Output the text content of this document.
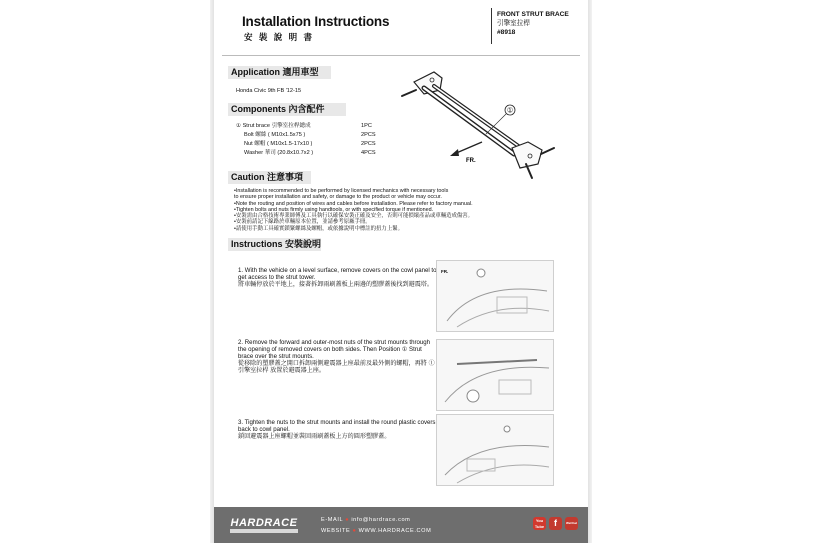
Installation Instructions
安 裝 說 明 書
FRONT STRUT BRACE
引擎室拉桿
#8918
Application 適用車型
Honda Civic 9th FB '12-15
Components 內含配件
① Strut brace 引擎室拉桿總成	1PC
Bolt 螺絲 ( M10x1.5x75 )	2PCS
Nut 螺帽 ( M10x1.5-17x10 )	2PCS
Washer 華司 (20.8x10.7x2 )	4PCS
①
FR.
Caution 注意事項
•Installation is recommended to be performed by licensed mechanics with necessary tools
to ensure proper installation and safety, or damage to the product or vehicle may occur.
•Note the routing and position of wires and cables before installation. Please refer to factory manual.
•Tighten bolts and nuts firmly using handtools, or with specified torque if mentioned.
•安裝需由合格技術專業師傅及工具執行以確保安裝正確及安全，否則可能損壞產品或車輛造成傷害。
•安裝前請記下線路於車輛原本位置，並請參考原廠手冊。
•請使用手動工具確實鎖緊螺絲及螺帽，或依據說明中標註的扭力上緊。
Instructions 安裝說明
1. With the vehicle on a level surface, remove covers on the cowl panel to get access to the strut tower.
將車輛停放於平地上，接著拆卸雨刷蓋板上兩邊的塑膠蓋後找到避震塔。
FR.
2. Remove the forward and outer-most nuts of the strut mounts through the opening of removed covers on both sides. Then Position ① Strut brace over the strut mounts.
從移除的塑膠蓋之開口拆卸兩側避震器上座最前及最外側的螺帽，再將 ①引擎室拉桿 放置於避震器上座。
3. Tighten the nuts to the strut mounts and install the round plastic covers back to cowl panel.
鎖回避震器上座螺帽並裝回雨刷蓋板上方的圓形塑膠蓋。
HARDRACE	E-MAIL ● info@hardrace.com
WEBSITE ● WWW.HARDRACE.COM
You Tube	f	WeChat
